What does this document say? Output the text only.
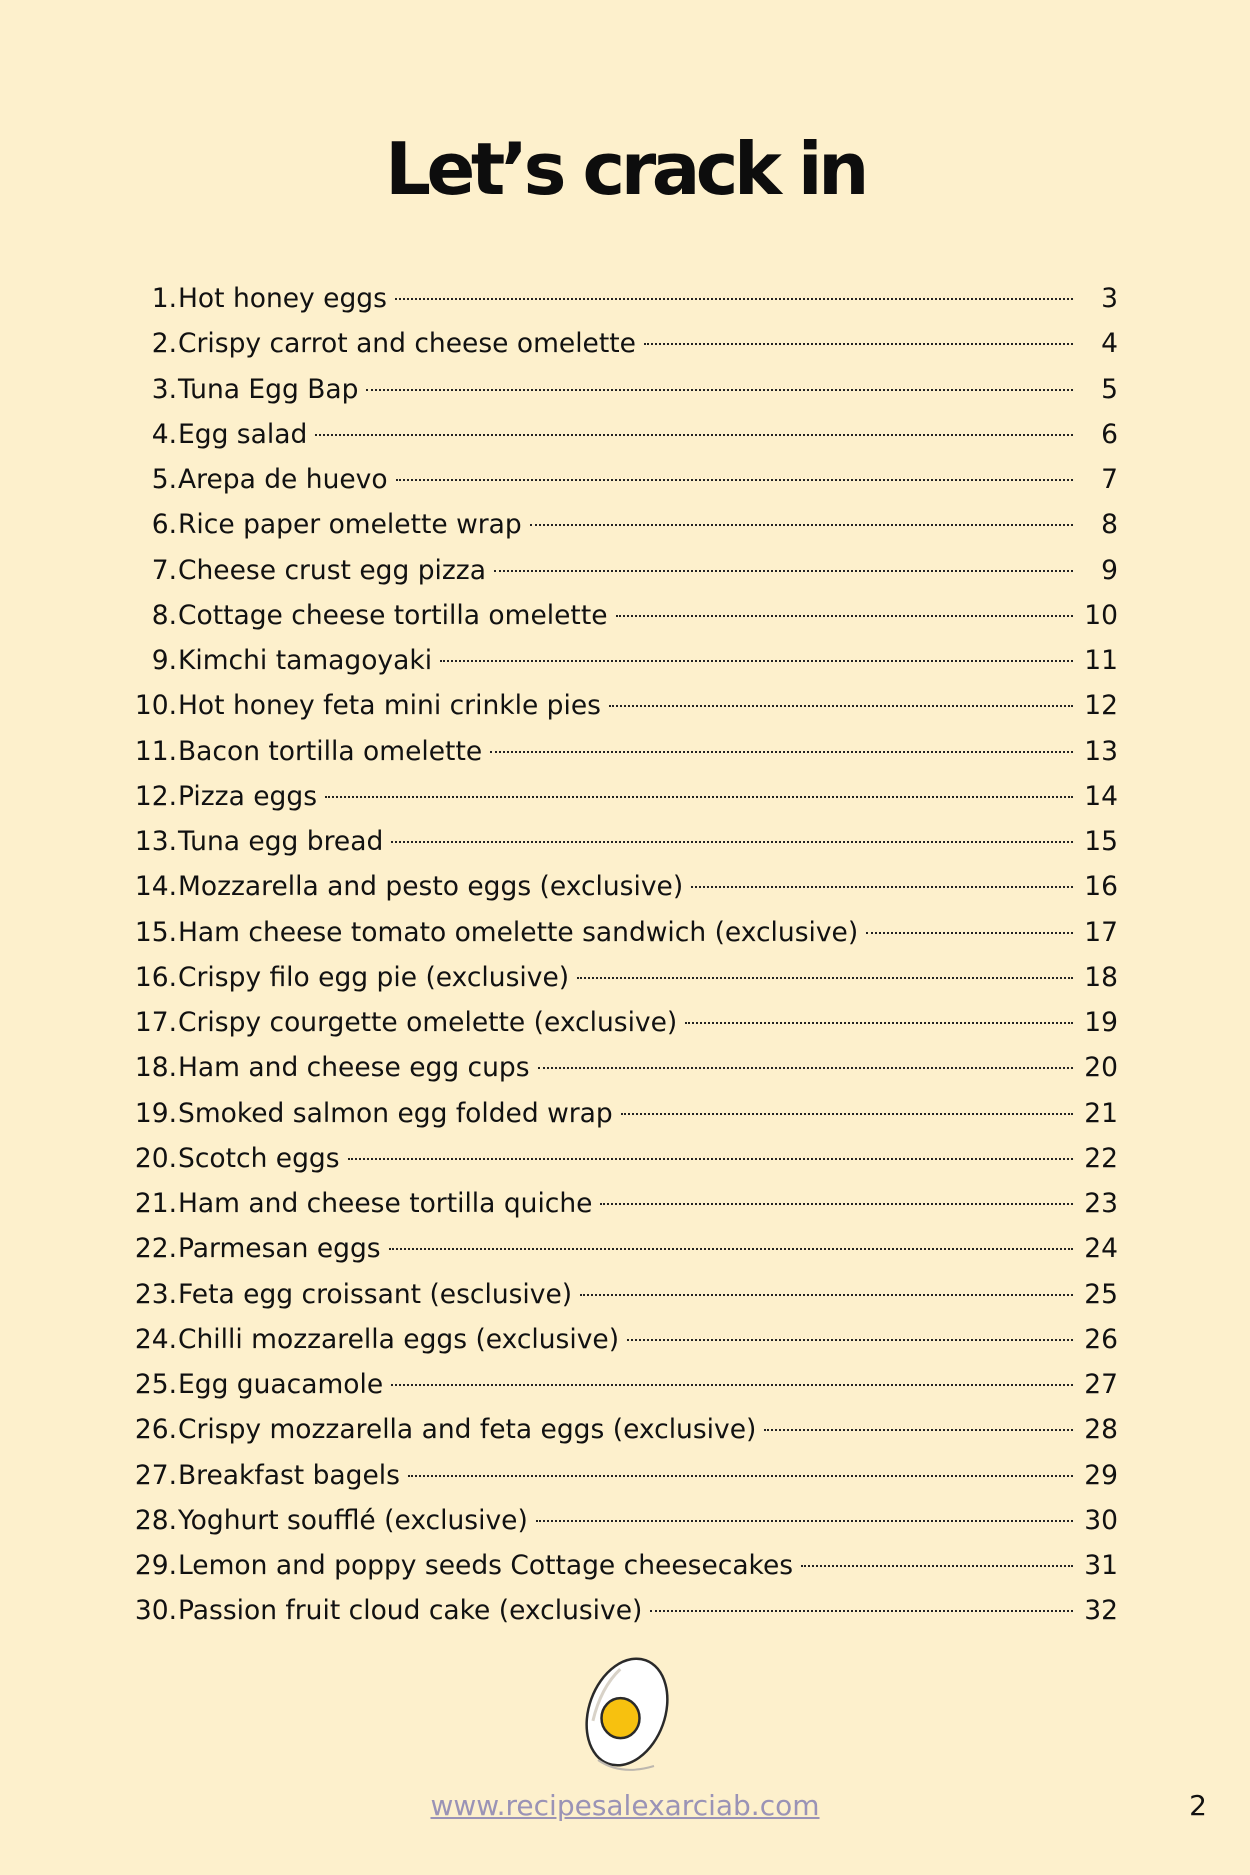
Let’s crack in
1. Hot honey eggs	3
2. Crispy carrot and cheese omelette	4
3. Tuna Egg Bap	5
4. Egg salad	6
5. Arepa de huevo	7
6. Rice paper omelette wrap	8
7. Cheese crust egg pizza	9
8. Cottage cheese tortilla omelette	10
9. Kimchi tamagoyaki	11
10. Hot honey feta mini crinkle pies	12
11. Bacon tortilla omelette	13
12. Pizza eggs	14
13. Tuna egg bread	15
14. Mozzarella and pesto eggs (exclusive)	16
15. Ham cheese tomato omelette sandwich (exclusive)	17
16. Crispy filo egg pie (exclusive)	18
17. Crispy courgette omelette (exclusive)	19
18. Ham and cheese egg cups	20
19. Smoked salmon egg folded wrap	21
20. Scotch eggs	22
21. Ham and cheese tortilla quiche	23
22. Parmesan eggs	24
23. Feta egg croissant (esclusive)	25
24. Chilli mozzarella eggs (exclusive)	26
25. Egg guacamole	27
26. Crispy mozzarella and feta eggs (exclusive)	28
27. Breakfast bagels	29
28. Yoghurt soufflé (exclusive)	30
29. Lemon and poppy seeds Cottage cheesecakes	31
30. Passion fruit cloud cake (exclusive)	32
www.recipesalexarciab.com	2
